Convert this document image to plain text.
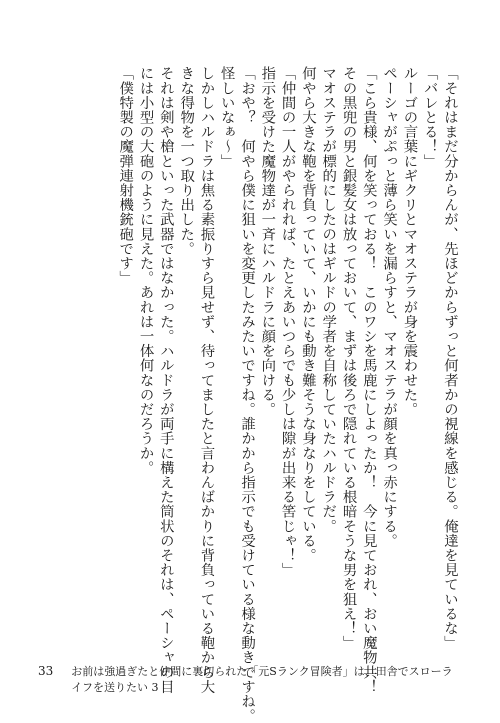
「それはまだ分からんが、先ほどからずっと何者かの視線を感じる。俺達を見ているな」
「バレとる！」
ルーゴの言葉にギクリとマオステラが身を震わせた。
ペーシャがぷっと薄ら笑いを漏らすと、マオステラが顔を真っ赤にする。
「こら貴様、何を笑っておる！　このワシを馬鹿にしよったか！　今に見ておれ、おい魔物共！
その黒兜の男と銀髪女は放っておいて、まずは後ろで隠れている根暗そうな男を狙え！」
マオステラが標的にしたのはギルドの学者を自称していたハルドラだ。
何やら大きな鞄を背負っていて、いかにも動き難そうな身なりをしている。
「仲間の一人がやられれば、たとえあいつらでも少しは隙が出来る筈じゃ！」
指示を受けた魔物達が一斉にハルドラに顔を向ける。
「おや？　何やら僕に狙いを変更したみたいですね。誰かから指示でも受けている様な動きですね。
怪しいなぁ～」
しかしハルドラは焦る素振りすら見せず、待ってましたと言わんばかりに背負っている鞄から大
きな得物を一つ取り出した。
それは剣や槍といった武器ではなかった。ハルドラが両手に構えた筒状のそれは、ペーシャの目
には小型の大砲のように見えた。あれは一体何なのだろうか。
「僕特製の魔弾連射機銃砲です」
33 お前は強過ぎたと仲間に裏切られた「元Sランク冒険者」は、田舎でスローライフを送りたい 3
